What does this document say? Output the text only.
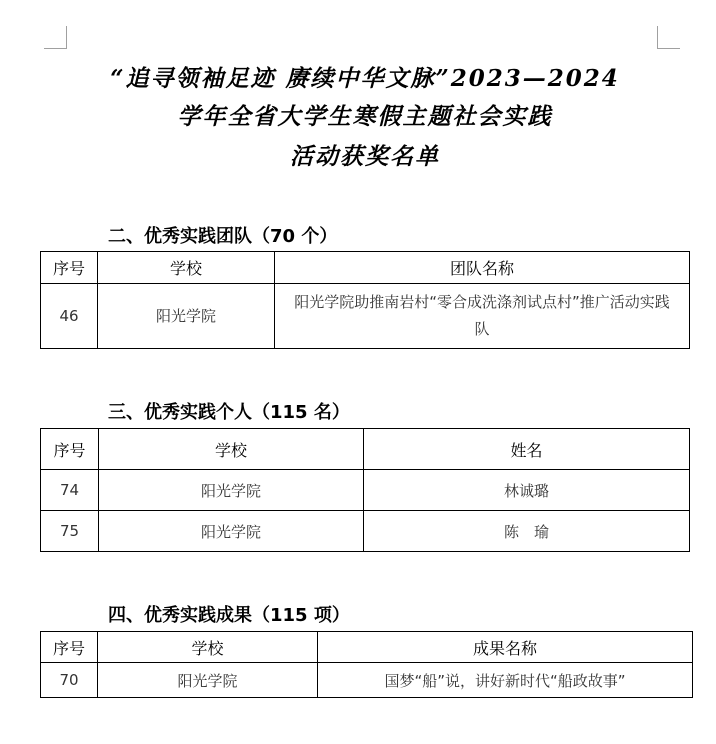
“追寻领袖足迹 赓续中华文脉”2023—2024
学年全省大学生寒假主题社会实践
活动获奖名单
二、优秀实践团队（70 个）
序号	学校	团队名称
46	阳光学院	阳光学院助推南岩村“零合成洗涤剂试点村”推广活动实践队
三、优秀实践个人（115 名）
序号	学校	姓名
74	阳光学院	林诚璐
75	阳光学院	陈　瑜
四、优秀实践成果（115 项）
序号	学校	成果名称
70	阳光学院	国梦“船”说，讲好新时代“船政故事”
